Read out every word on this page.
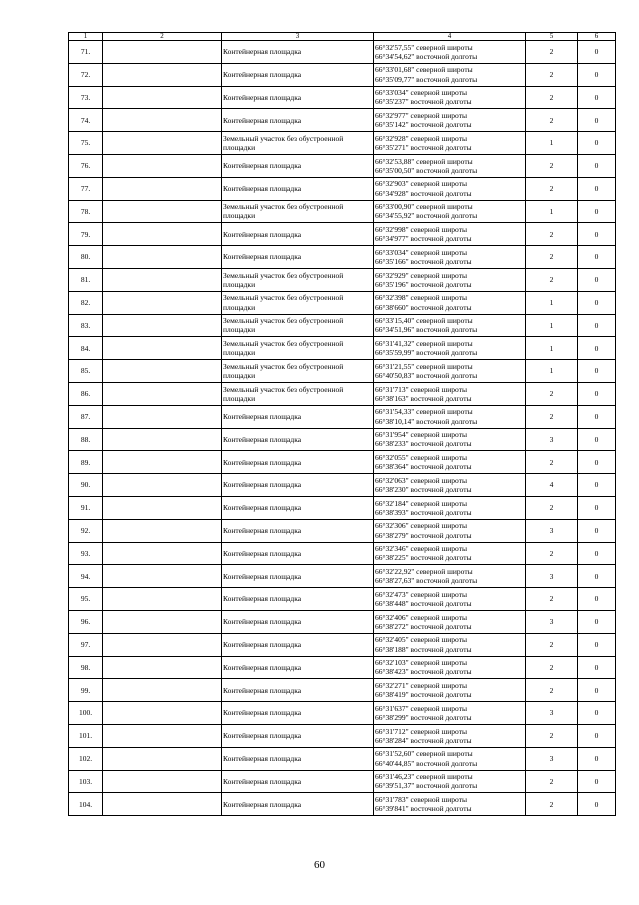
1	2	3	4	5	6
71.		Контейнерная площадка	66°32'57,55" северной широты
66°34'54,62" восточной долготы	2	0
72.		Контейнерная площадка	66°33'01,68" северной широты
66°35'09,77" восточной долготы	2	0
73.		Контейнерная площадка	66°33'034" северной широты
66°35'237" восточной долготы	2	0
74.		Контейнерная площадка	66°32'977" северной широты
66°35'142" восточной долготы	2	0
75.		Земельный участок без обустроенной площадки	66°32'928" северной широты
66°35'271" восточной долготы	1	0
76.		Контейнерная площадка	66°32'53,88" северной широты
66°35'00,50" восточной долготы	2	0
77.		Контейнерная площадка	66°32'903" северной широты
66°34'928" восточной долготы	2	0
78.		Земельный участок без обустроенной площадки	66°33'00,90" северной широты
66°34'55,92" восточной долготы	1	0
79.		Контейнерная площадка	66°32'998" северной широты
66°34'977" восточной долготы	2	0
80.		Контейнерная площадка	66°33'034" северной широты
66°35'166" восточной долготы	2	0
81.		Земельный участок без обустроенной площадки	66°32'929" северной широты
66°35'196" восточной долготы	2	0
82.		Земельный участок без обустроенной площадки	66°32'398" северной широты
66°38'660" восточной долготы	1	0
83.		Земельный участок без обустроенной площадки	66°33'15,40" северной широты
66°34'51,96" восточной долготы	1	0
84.		Земельный участок без обустроенной площадки	66°31'41,32" северной широты
66°35'59,99" восточной долготы	1	0
85.		Земельный участок без обустроенной площадки	66°31'21,55" северной широты
66°40'50,83" восточной долготы	1	0
86.		Земельный участок без обустроенной площадки	66°31'713" северной широты
66°38'163" восточной долготы	2	0
87.		Контейнерная площадка	66°31'54,33" северной широты
66°38'10,14" восточной долготы	2	0
88.		Контейнерная площадка	66°31'954" северной широты
66°38'233" восточной долготы	3	0
89.		Контейнерная площадка	66°32'055" северной широты
66°38'364" восточной долготы	2	0
90.		Контейнерная площадка	66°32'063" северной широты
66°38'230" восточной долготы	4	0
91.		Контейнерная площадка	66°32'184" северной широты
66°38'393" восточной долготы	2	0
92.		Контейнерная площадка	66°32'306" северной широты
66°38'279" восточной долготы	3	0
93.		Контейнерная площадка	66°32'346" северной широты
66°38'225" восточной долготы	2	0
94.		Контейнерная площадка	66°32'22,92" северной широты
66°38'27,63" восточной долготы	3	0
95.		Контейнерная площадка	66°32'473" северной широты
66°38'448" восточной долготы	2	0
96.		Контейнерная площадка	66°32'406" северной широты
66°38'272" восточной долготы	3	0
97.		Контейнерная площадка	66°32'405" северной широты
66°38'188" восточной долготы	2	0
98.		Контейнерная площадка	66°32'103" северной широты
66°38'423" восточной долготы	2	0
99.		Контейнерная площадка	66°32'271" северной широты
66°38'419" восточной долготы	2	0
100.		Контейнерная площадка	66°31'637" северной широты
66°38'299" восточной долготы	3	0
101.		Контейнерная площадка	66°31'712" северной широты
66°38'284" восточной долготы	2	0
102.		Контейнерная площадка	66°31'52,60" северной широты
66°40'44,85" восточной долготы	3	0
103.		Контейнерная площадка	66°31'46,23" северной широты
66°39'51,37" восточной долготы	2	0
104.		Контейнерная площадка	66°31'783" северной широты
66°39'841" восточной долготы	2	0
60
